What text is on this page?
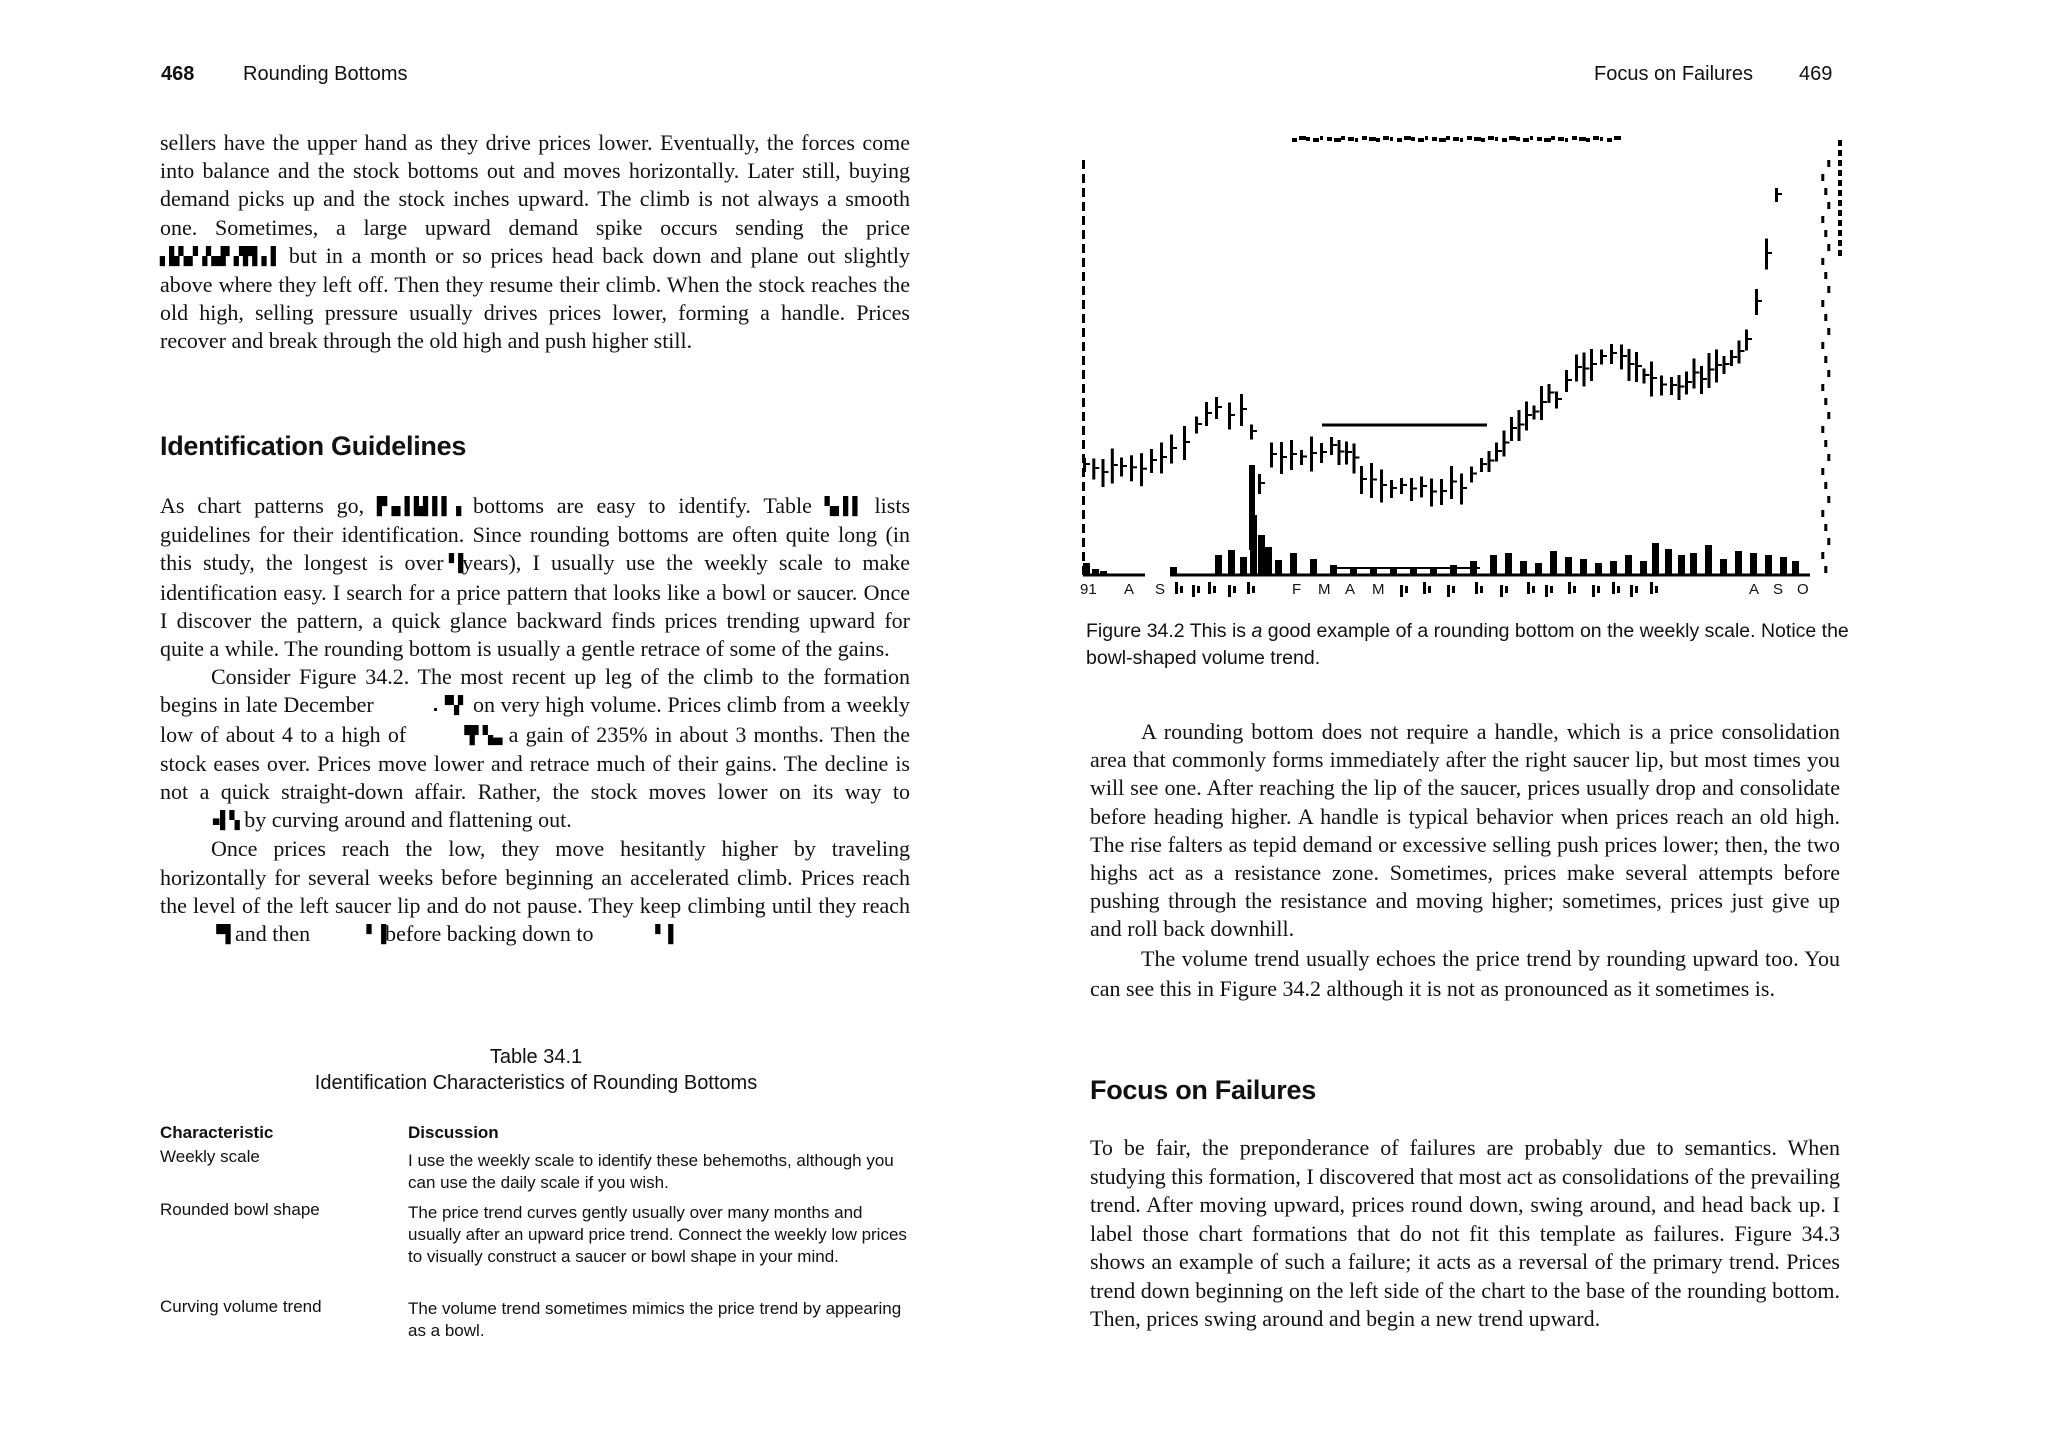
468 Rounding Bottoms

sellers have the upper hand as they drive prices lower. Eventually, the forces come into balance and the stock bottoms out and moves horizontally. Later still, buying demand picks up and the stock inches upward. The climb is not always a smooth one. Sometimes, a large upward demand spike occurs sending the price ▖▙▚▞▗▚▟▘▞▛▌▖▌ but in a month or so prices head back down and plane out slightly above where they left off. Then they resume their climb. When the stock reaches the old high, selling pressure usually drives prices lower, forming a handle. Prices recover and break through the old high and push higher still.

Identification Guidelines

As chart patterns go, ▛▗▖▌▙▌▌▌▗ bottoms are easy to identify. Table ▚▖▌▌ lists guidelines for their identification. Since rounding bottoms are often quite long (in this study, the longest is over▝▐years), I usually use the weekly scale to make identification easy. I search for a price pattern that looks like a bowl or saucer. Once I discover the pattern, a quick glance backward finds prices trending upward for quite a while. The rounding bottom is usually a gentle retrace of some of the gains.

Consider Figure 34.2. The most recent up leg of the climb to the formation begins in late December	.▝▚▘ on very high volume. Prices climb from a weekly low of about 4 to a high of	▜▘▚▃ a gain of 235% in about 3 months. Then the stock eases over. Prices move lower and retrace much of their gains. The decline is not a quick straight-down affair. Rather, the stock moves lower on its way to ▪▌▚ by curving around and flattening out.

Once prices reach the low, they move hesitantly higher by traveling horizontally for several weeks before beginning an accelerated climb. Prices reach the level of the left saucer lip and do not pause. They keep climbing until they reach ▝▜ and then	▘▐before backing down to	▝ ▌

Table 34.1
Identification Characteristics of Rounding Bottoms
Characteristic	Discussion
Weekly scale	I use the weekly scale to identify these behemoths, although you can use the daily scale if you wish.
Rounded bowl shape	The price trend curves gently usually over many months and usually after an upward price trend. Connect the weekly low prices to visually construct a saucer or bowl shape in your mind.
Curving volume trend	The volume trend sometimes mimics the price trend by appearing as a bowl.
Focus on Failures 469
91 A S	F M A M	A S O
Figure 34.2 This is a good example of a rounding bottom on the weekly scale. Notice the bowl-shaped volume trend.

A rounding bottom does not require a handle, which is a price consolidation area that commonly forms immediately after the right saucer lip, but most times you will see one. After reaching the lip of the saucer, prices usually drop and consolidate before heading higher. A handle is typical behavior when prices reach an old high. The rise falters as tepid demand or excessive selling push prices lower; then, the two highs act as a resistance zone. Sometimes, prices make several attempts before pushing through the resistance and moving higher; sometimes, prices just give up and roll back downhill.

The volume trend usually echoes the price trend by rounding upward too. You can see this in Figure 34.2 although it is not as pronounced as it sometimes is.

Focus on Failures

To be fair, the preponderance of failures are probably due to semantics. When studying this formation, I discovered that most act as consolidations of the prevailing trend. After moving upward, prices round down, swing around, and head back up. I label those chart formations that do not fit this template as failures. Figure 34.3 shows an example of such a failure; it acts as a reversal of the primary trend. Prices trend down beginning on the left side of the chart to the base of the rounding bottom. Then, prices swing around and begin a new trend upward.
